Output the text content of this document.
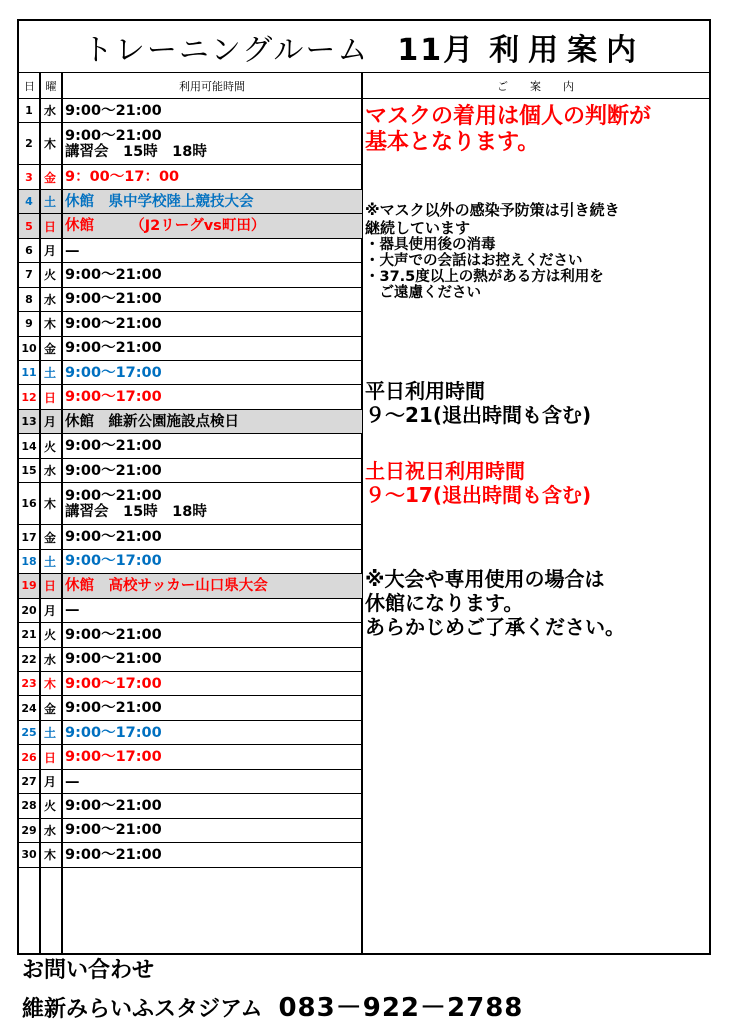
トレーニングルーム 11月 利用案内
日 曜	利用可能時間	ご　　案　　内
1 水 9:00～21:00
2 木
9:00～21:00
講習会　15時　18時
3 金 9：00～17：00
4 土 休館　県中学校陸上競技大会
5 日 休館　　　（J2リーグvs町田）
6 月 —
7 火 9:00～21:00
8 水 9:00～21:00
9 木 9:00～21:00
10 金 9:00～21:00
11 土 9:00～17:00
12 日 9:00～17:00
13 月 休館　維新公園施設点検日
14 火 9:00～21:00
15 水 9:00～21:00
16 木
9:00～21:00
講習会　15時　18時
17 金 9:00～21:00
18 土 9:00～17:00
19 日 休館　高校サッカー山口県大会
20 月 —
21 火 9:00～21:00
22 水 9:00～21:00
23 木 9:00～17:00
24 金 9:00～21:00
25 土 9:00～17:00
26 日 9:00～17:00
27 月 —
28 火 9:00～21:00
29 水 9:00～21:00
30 木 9:00～21:00
マスクの着用は個人の判断が
基本となります。
※マスク以外の感染予防策は引き続き
継続しています
・器具使用後の消毒
・大声での会話はお控えください
・37.5度以上の熱がある方は利用を
　ご遠慮ください
平日利用時間
９～21(退出時間も含む)
土日祝日利用時間
９～17(退出時間も含む)
※大会や専用使用の場合は
休館になります。
あらかじめご了承ください。
お問い合わせ
維新みらいふスタジアム 083－922－2788
